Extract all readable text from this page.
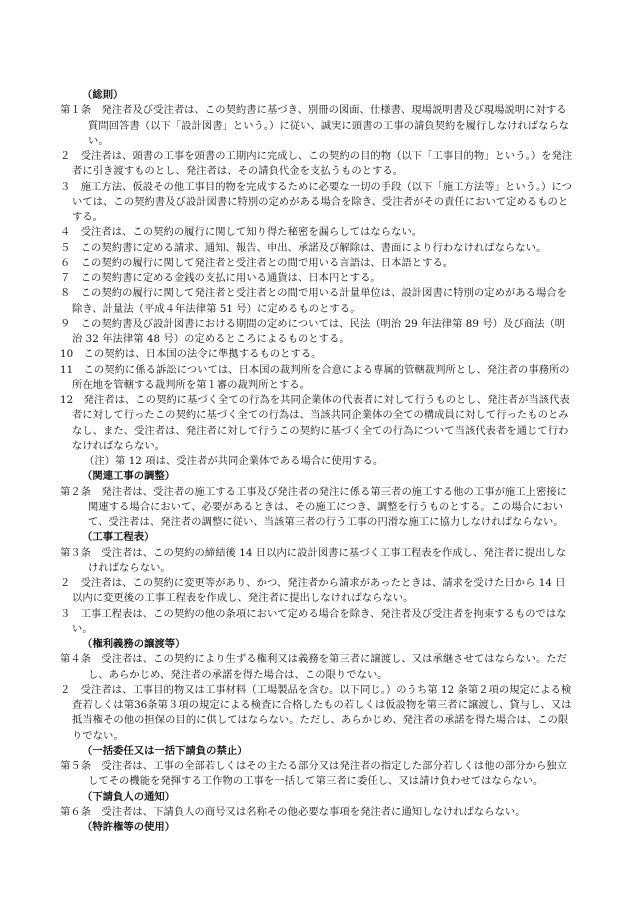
（総則）

第１条　発注者及び受注者は、この契約書に基づき、別冊の図面、仕様書、現場説明書及び現場説明に対する質問回答書（以下「設計図書」という。）に従い、誠実に頭書の工事の請負契約を履行しなければならない。

２　受注者は、頭書の工事を頭書の工期内に完成し、この契約の目的物（以下「工事目的物」という。）を発注者に引き渡すものとし、発注者は、その請負代金を支払うものとする。

３　施工方法、仮設その他工事目的物を完成するために必要な一切の手段（以下「施工方法等」という。）については、この契約書及び設計図書に特別の定めがある場合を除き、受注者がその責任において定めるものとする。

４　受注者は、この契約の履行に関して知り得た秘密を漏らしてはならない。

５　この契約書に定める請求、通知、報告、申出、承諾及び解除は、書面により行わなければならない。

６　この契約の履行に関して発注者と受注者との間で用いる言語は、日本語とする。

７　この契約書に定める金銭の支払に用いる通貨は、日本円とする。

８　この契約の履行に関して発注者と受注者との間で用いる計量単位は、設計図書に特別の定めがある場合を除き、計量法（平成４年法律第 51 号）に定めるものとする。

９　この契約書及び設計図書における期間の定めについては、民法（明治 29 年法律第 89 号）及び商法（明治 32 年法律第 48 号）の定めるところによるものとする。

10　この契約は、日本国の法令に準拠するものとする。

11　この契約に係る訴訟については、日本国の裁判所を合意による専属的管轄裁判所とし、発注者の事務所の所在地を管轄する裁判所を第１審の裁判所とする。

12　発注者は、この契約に基づく全ての行為を共同企業体の代表者に対して行うものとし、発注者が当該代表者に対して行ったこの契約に基づく全ての行為は、当該共同企業体の全ての構成員に対して行ったものとみなし、また、受注者は、発注者に対して行うこの契約に基づく全ての行為について当該代表者を通じて行わなければならない。

（注）第 12 項は、受注者が共同企業体である場合に使用する。

（関連工事の調整）

第２条　発注者は、受注者の施工する工事及び発注者の発注に係る第三者の施工する他の工事が施工上密接に関連する場合において、必要があるときは、その施工につき、調整を行うものとする。この場合において、受注者は、発注者の調整に従い、当該第三者の行う工事の円滑な施工に協力しなければならない。

（工事工程表）

第３条　受注者は、この契約の締結後 14 日以内に設計図書に基づく工事工程表を作成し、発注者に提出しなければならない。

２　受注者は、この契約に変更等があり、かつ、発注者から請求があったときは、請求を受けた日から 14 日以内に変更後の工事工程表を作成し、発注者に提出しなければならない。

３　工事工程表は、この契約の他の条項において定める場合を除き、発注者及び受注者を拘束するものではない。

（権利義務の譲渡等）

第４条　受注者は、この契約により生ずる権利又は義務を第三者に譲渡し、又は承継させてはならない。ただし、あらかじめ、発注者の承諾を得た場合は、この限りでない。

２　受注者は、工事目的物又は工事材料（工場製品を含む。以下同じ。）のうち第 12 条第２項の規定による検査若しくは第36条第３項の規定による検査に合格したもの若しくは仮設物を第三者に譲渡し、貸与し、又は抵当権その他の担保の目的に供してはならない。ただし、あらかじめ、発注者の承諾を得た場合は、この限りでない。

（一括委任又は一括下請負の禁止）

第５条　受注者は、工事の全部若しくはその主たる部分又は発注者の指定した部分若しくは他の部分から独立してその機能を発揮する工作物の工事を一括して第三者に委任し、又は請け負わせてはならない。

（下請負人の通知）

第６条　受注者は、下請負人の商号又は名称その他必要な事項を発注者に通知しなければならない。

（特許権等の使用）
